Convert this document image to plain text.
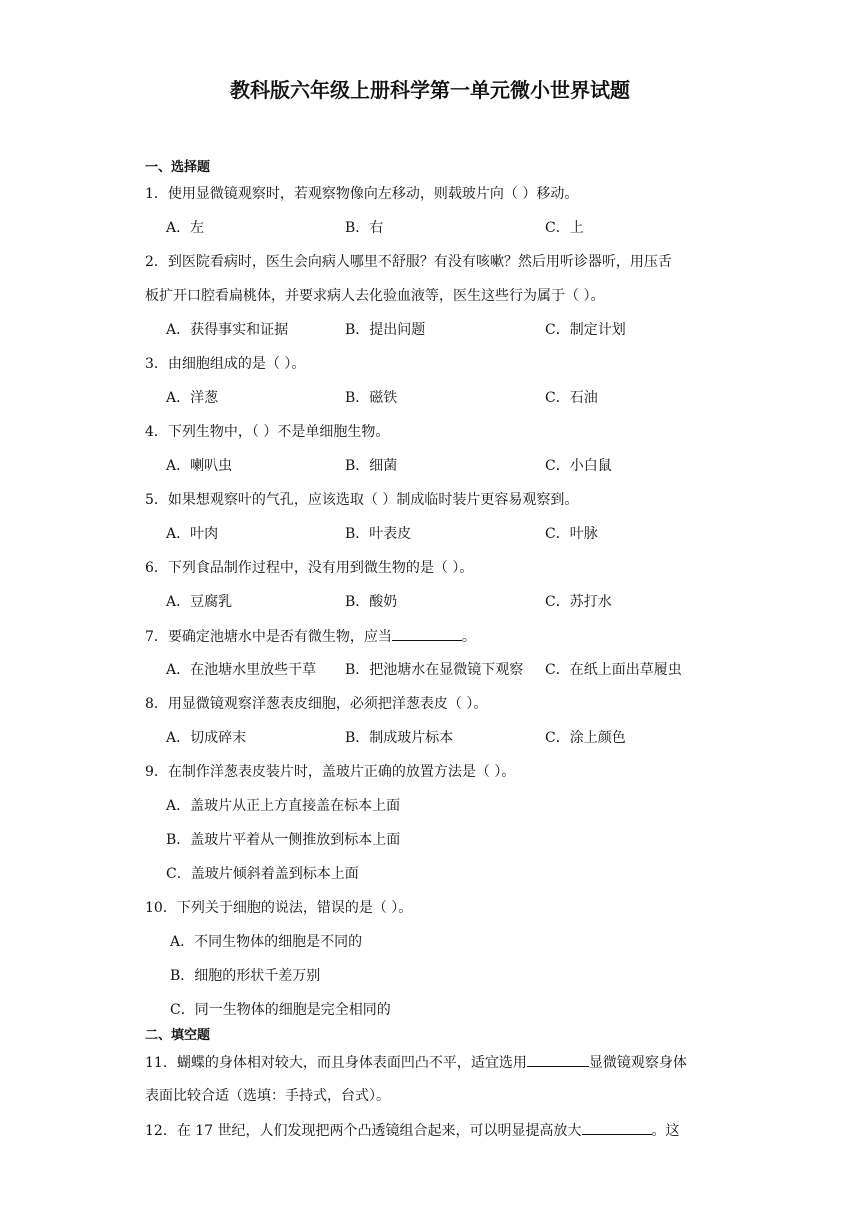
教科版六年级上册科学第一单元微小世界试题
一、选择题
1．使用显微镜观察时，若观察物像向左移动，则载玻片向（ ）移动。
A．左	B．右	C．上
2．到医院看病时，医生会向病人哪里不舒服？有没有咳嗽？然后用听诊器听，用压舌
板扩开口腔看扁桃体，并要求病人去化验血液等，医生这些行为属于（ ）。
A．获得事实和证据	B．提出问题	C．制定计划
3．由细胞组成的是（ ）。
A．洋葱	B．磁铁	C．石油
4．下列生物中，（ ）不是单细胞生物。
A．喇叭虫	B．细菌	C．小白鼠
5．如果想观察叶的气孔，应该选取（ ）制成临时装片更容易观察到。
A．叶肉	B．叶表皮	C．叶脉
6．下列食品制作过程中，没有用到微生物的是（ ）。
A．豆腐乳	B．酸奶	C．苏打水
7．要确定池塘水中是否有微生物，应当	。
A．在池塘水里放些干草 B．把池塘水在显微镜下观察 C．在纸上面出草履虫
8．用显微镜观察洋葱表皮细胞，必须把洋葱表皮（ ）。
A．切成碎末	B．制成玻片标本	C．涂上颜色
9．在制作洋葱表皮装片时，盖玻片正确的放置方法是（ ）。
A．盖玻片从正上方直接盖在标本上面
B．盖玻片平着从一侧推放到标本上面
C．盖玻片倾斜着盖到标本上面
10．下列关于细胞的说法，错误的是（ ）。
A．不同生物体的细胞是不同的
B．细胞的形状千差万别
C．同一生物体的细胞是完全相同的
二、填空题
11．蝴蝶的身体相对较大，而且身体表面凹凸不平，适宜选用	显微镜观察身体
表面比较合适（选填：手持式，台式）。
12．在 17 世纪，人们发现把两个凸透镜组合起来，可以明显提高放大	。这
